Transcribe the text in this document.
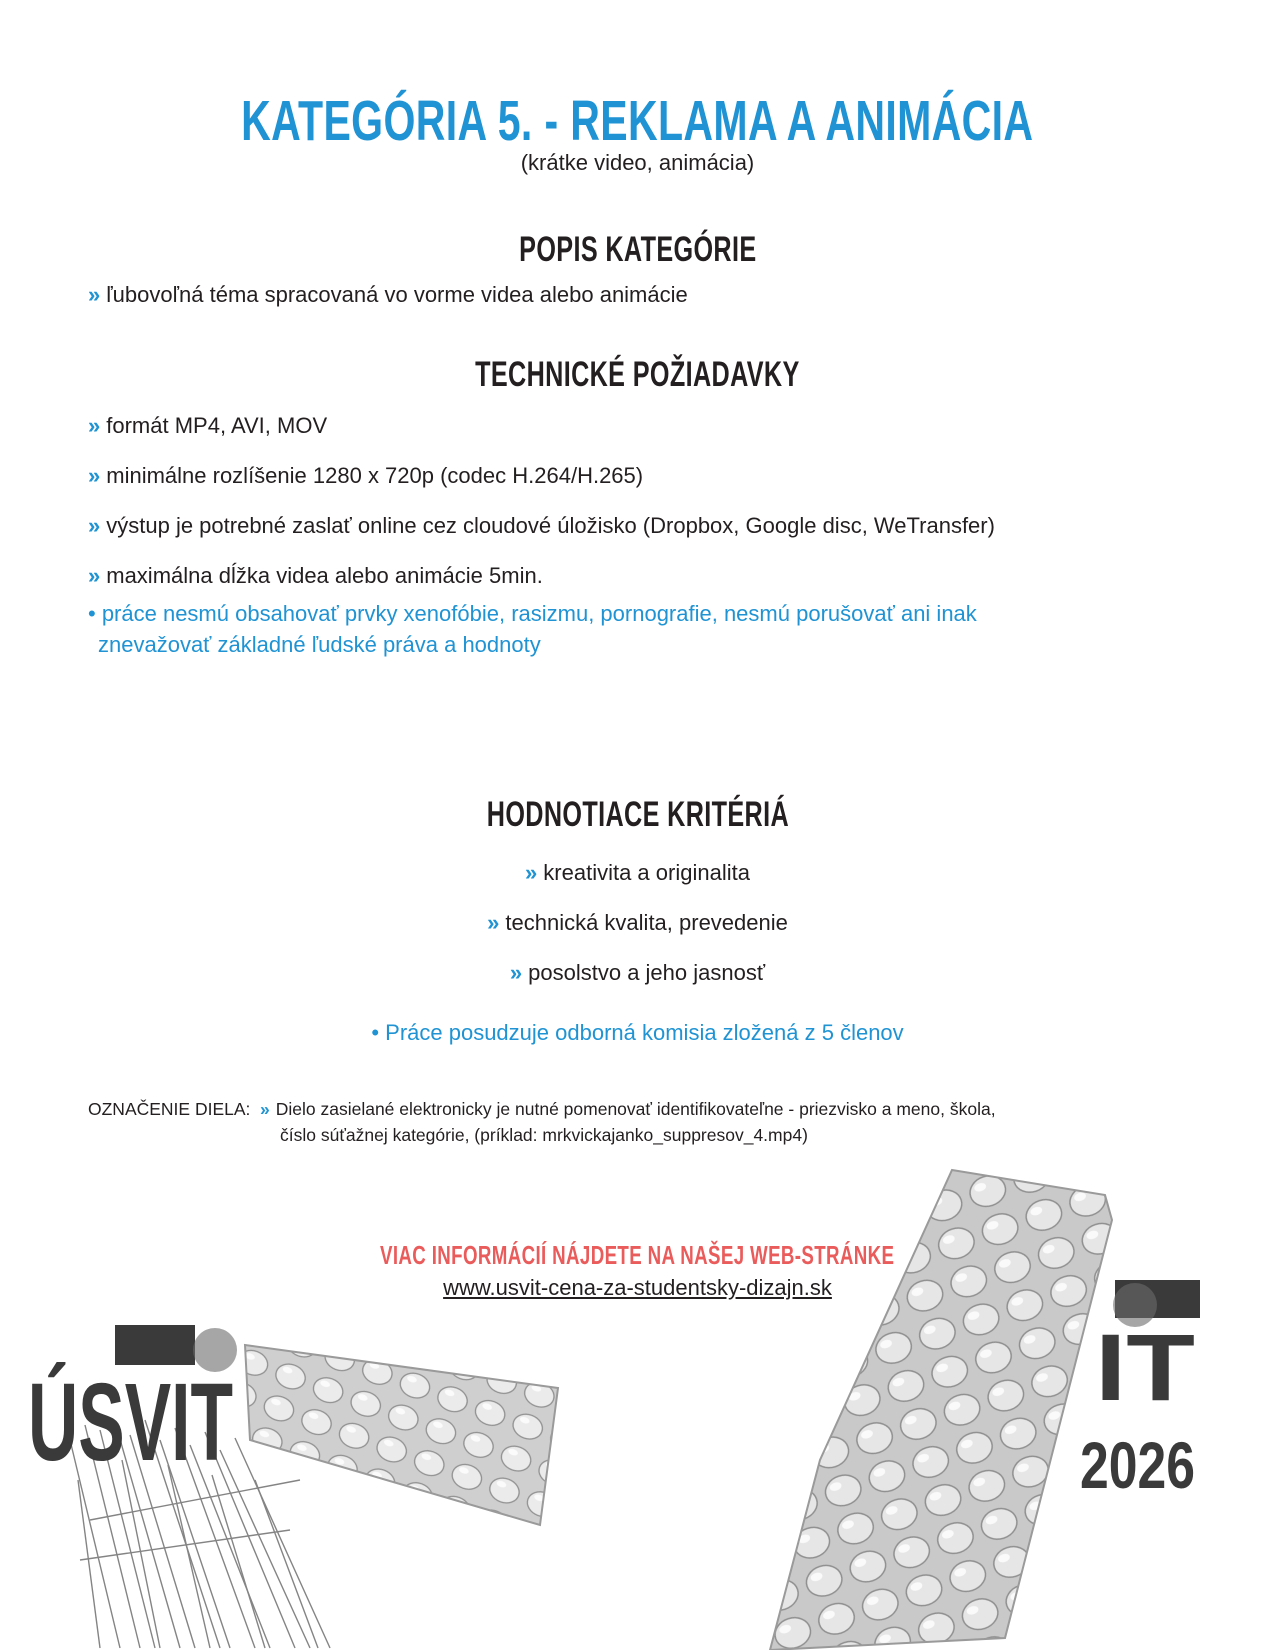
KATEGÓRIA 5. - REKLAMA A ANIMÁCIA
(krátke video, animácia)
POPIS KATEGÓRIE
» ľubovoľná téma spracovaná vo vorme videa alebo animácie
TECHNICKÉ POŽIADAVKY
» formát MP4, AVI, MOV
» minimálne rozlíšenie 1280 x 720p (codec H.264/H.265)
» výstup je potrebné zaslať online cez cloudové úložisko (Dropbox, Google disc, WeTransfer)
» maximálna dĺžka videa alebo animácie 5min.
• práce nesmú obsahovať prvky xenofóbie, rasizmu, pornografie, nesmú porušovať ani inak
znevažovať základné ľudské práva a hodnoty
HODNOTIACE KRITÉRIÁ
» kreativita a originalita
» technická kvalita, prevedenie
» posolstvo a jeho jasnosť
• Práce posudzuje odborná komisia zložená z 5 členov
OZNAČENIE DIELA: » Dielo zasielané elektronicky je nutné pomenovať identifikovateľne - priezvisko a meno, škola,
číslo súťažnej kategórie, (príklad: mrkvickajanko_suppresov_4.mp4)
ÚSVIT	IT
2026
VIAC INFORMÁCIÍ NÁJDETE NA NAŠEJ WEB-STRÁNKE
www.usvit-cena-za-studentsky-dizajn.sk
